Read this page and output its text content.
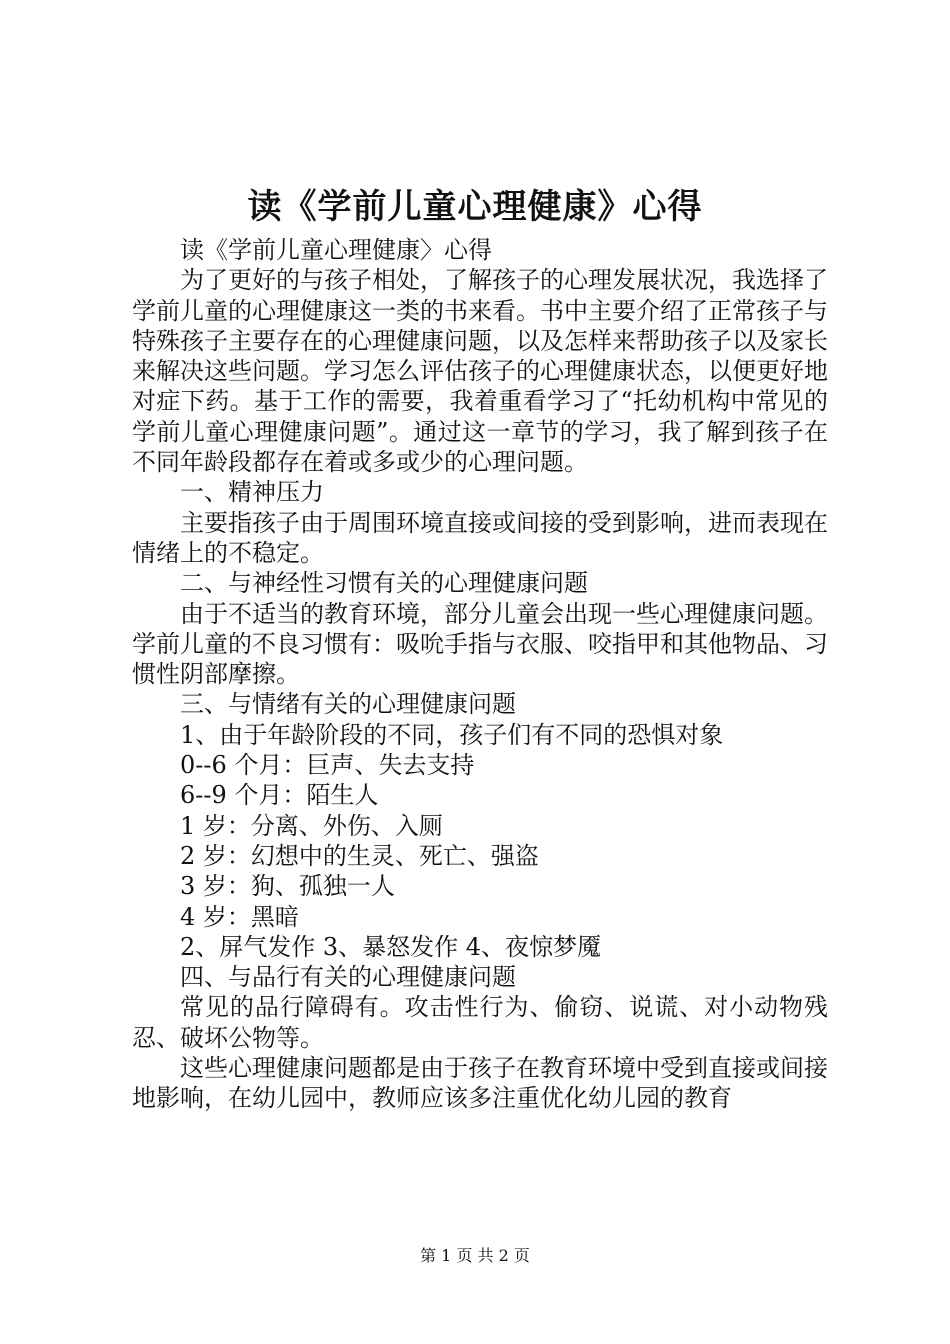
读《学前儿童心理健康》心得

读《学前儿童心理健康〉心得

为了更好的与孩子相处，了解孩子的心理发展状况，我选择了学前儿童的心理健康这一类的书来看。书中主要介绍了正常孩子与特殊孩子主要存在的心理健康问题，以及怎样来帮助孩子以及家长来解决这些问题。学习怎么评估孩子的心理健康状态，以便更好地对症下药。基于工作的需要，我着重看学习了“托幼机构中常见的学前儿童心理健康问题”。通过这一章节的学习，我了解到孩子在不同年龄段都存在着或多或少的心理问题。

一、精神压力

主要指孩子由于周围环境直接或间接的受到影响，进而表现在情绪上的不稳定。

二、与神经性习惯有关的心理健康问题

由于不适当的教育环境，部分儿童会出现一些心理健康问题。学前儿童的不良习惯有：吸吮手指与衣服、咬指甲和其他物品、习惯性阴部摩擦。

三、与情绪有关的心理健康问题

1、由于年龄阶段的不同，孩子们有不同的恐惧对象

0--6 个月：巨声、失去支持

6--9 个月：陌生人

1 岁：分离、外伤、入厕

2 岁：幻想中的生灵、死亡、强盗

3 岁：狗、孤独一人

4 岁：黑暗

2、屏气发作 3、暴怒发作 4、夜惊梦魇

四、与品行有关的心理健康问题

常见的品行障碍有。攻击性行为、偷窃、说谎、对小动物残忍、破坏公物等。

这些心理健康问题都是由于孩子在教育环境中受到直接或间接地影响，在幼儿园中，教师应该多注重优化幼儿园的教育

第 1 页 共 2 页
